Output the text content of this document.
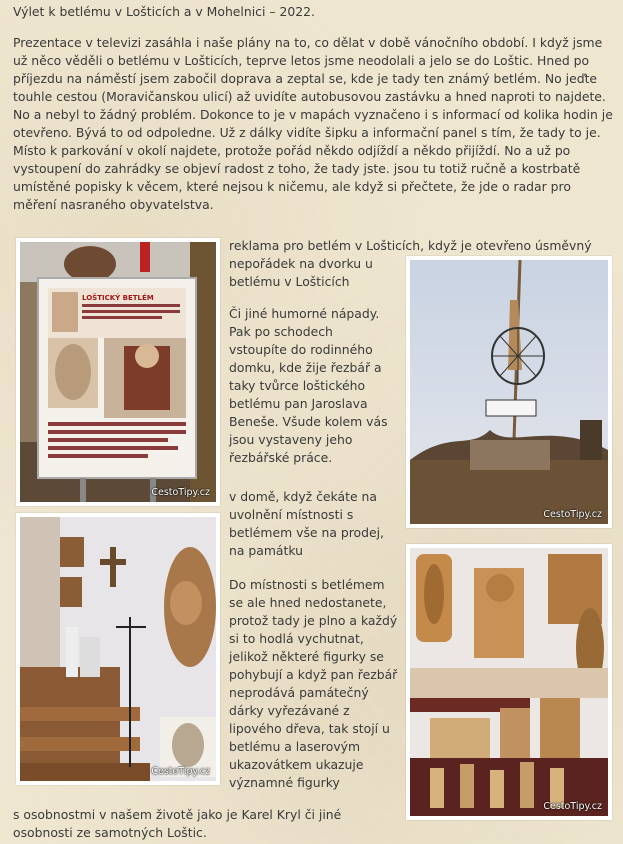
Výlet k betlému v Lošticích a v Mohelnici – 2022.

Prezentace v televizi zasáhla i naše plány na to, co dělat v době vánočního období. I když jsme už něco věděli o betlému v Lošticích, teprve letos jsme neodolali a jelo se do Loštic. Hned po příjezdu na náměstí jsem zabočil doprava a zeptal se, kde je tady ten známý betlém. No jeďte touhle cestou (Moravičanskou ulicí) až uvidíte autobusovou zastávku a hned naproti to najdete. No a nebyl to žádný problém. Dokonce to je v mapách vyznačeno i s informací od kolika hodin je otevřeno. Bývá to od odpoledne. Už z dálky vidíte šipku a informační panel s tím, že tady to je. Místo k parkování v okolí najdete, protože pořád někdo odjíždí a někdo přijíždí. No a už po vystoupení do zahrádky se objeví radost z toho, že tady jste. jsou tu totiž ručně a kostrbatě umístěné popisky k věcem, které nejsou k ničemu, ale když si přečtete, že jde o radar pro měření nasraného obyvatelstva.

LOŠTICKÝ BETLÉM
CestoTipy.cz
CestoTipy.cz
CestoTipy.cz
CestoTipy.cz

reklama pro betlém v Lošticích, když je otevřeno úsměvný

nepořádek na dvorku u betlému v Lošticích

Či jiné humorné nápady. Pak po schodech vstoupíte do rodinného domku, kde žije řezbář a taky tvůrce loštického betlému pan Jaroslava Beneše. Všude kolem vás jsou vystaveny jeho řezbářské práce.

v domě, když čekáte na uvolnění místnosti s betlémem vše na prodej, na památku

Do místnosti s betlémem se ale hned nedostanete, protož tady je plno a každý si to hodlá vychutnat, jelikož některé figurky se pohybují a když pan řezbář neprodává památečný dárky vyřezávané z lipového dřeva, tak stojí u betlému a laserovým ukazovátkem ukazuje významné figurky

s osobnostmi v našem životě jako je Karel Kryl či jiné osobnosti ze samotných Loštic.
